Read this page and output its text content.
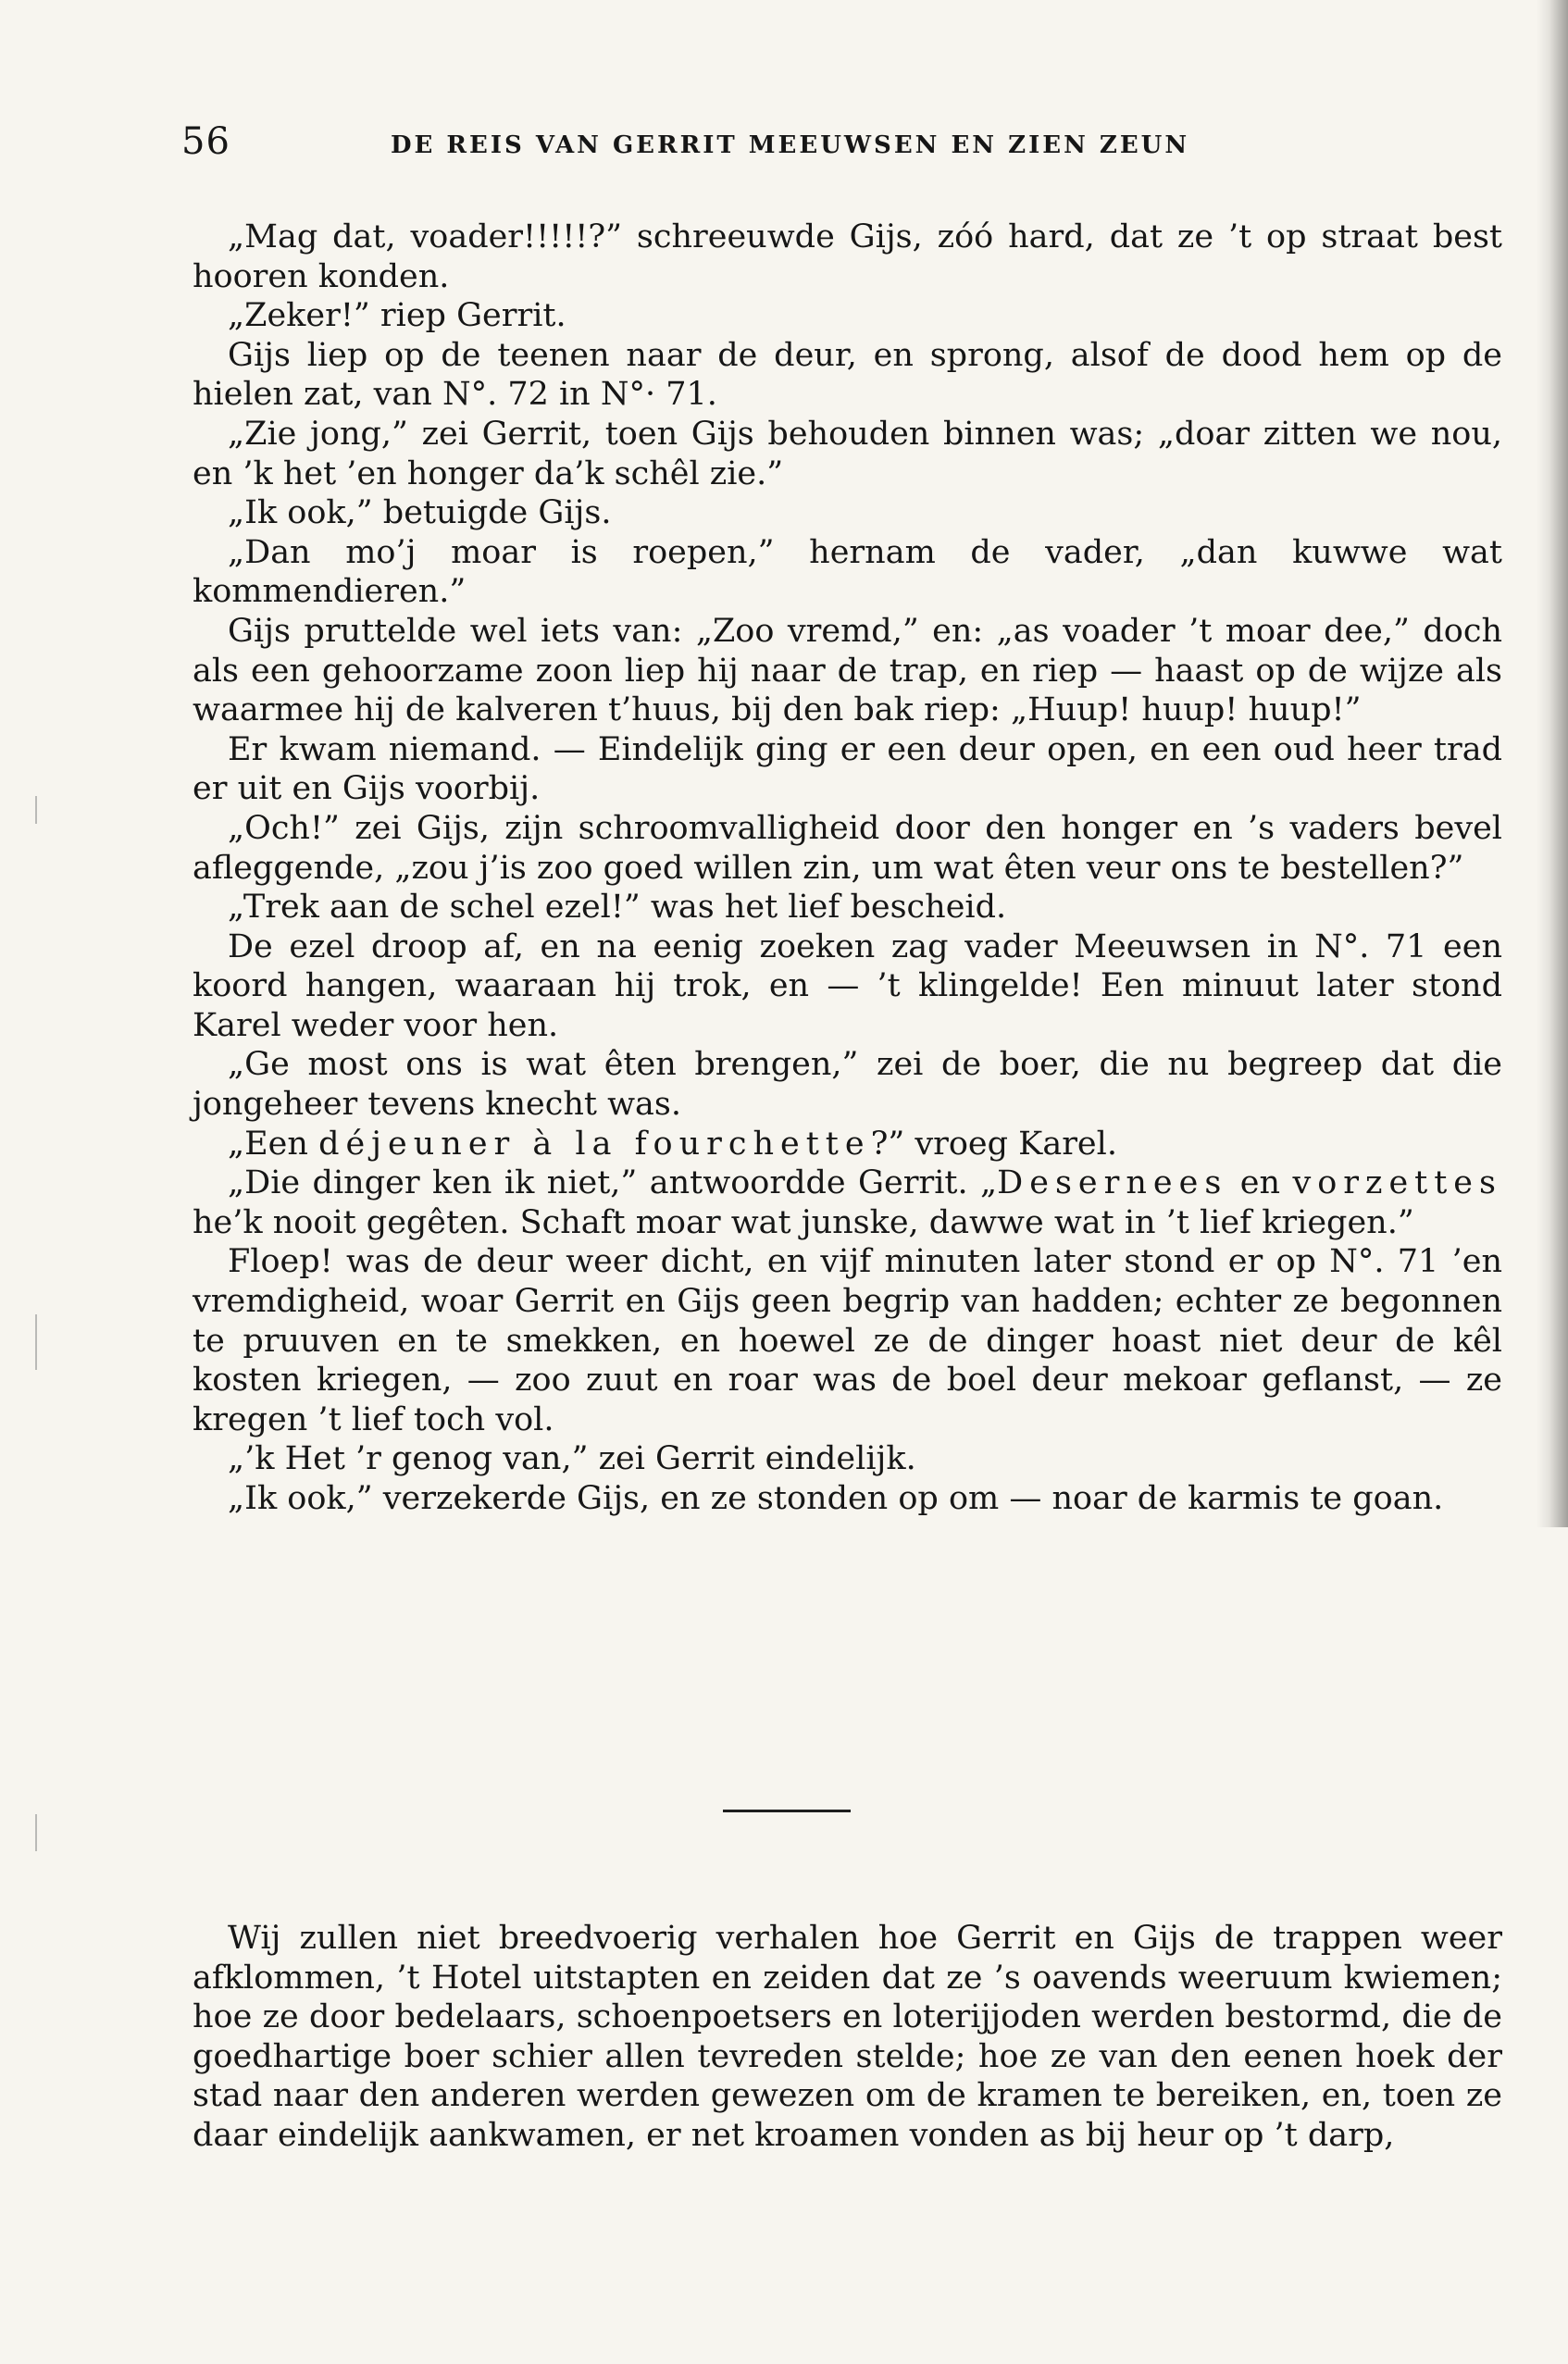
56	DE REIS VAN GERRIT MEEUWSEN EN ZIEN ZEUN

„Mag dat, voader!!!!!?” schreeuwde Gijs, zóó hard, dat ze ’t op straat best hooren konden.

„Zeker!” riep Gerrit.

Gijs liep op de teenen naar de deur, en sprong, alsof de dood hem op de hielen zat, van N°. 72 in N°· 71.

„Zie jong,” zei Gerrit, toen Gijs behouden binnen was; „doar zitten we nou, en ’k het ’en honger da’k schêl zie.”

„Ik ook,” betuigde Gijs.

„Dan mo’j moar is roepen,” hernam de vader, „dan kuwwe wat kommendieren.”

Gijs pruttelde wel iets van: „Zoo vremd,” en: „as voader ’t moar dee,” doch als een gehoorzame zoon liep hij naar de trap, en riep — haast op de wijze als waarmee hij de kalveren t’huus, bij den bak riep: „Huup! huup! huup!”

Er kwam niemand. — Eindelijk ging er een deur open, en een oud heer trad er uit en Gijs voorbij.

„Och!” zei Gijs, zijn schroomvalligheid door den honger en ’s vaders bevel afleggende, „zou j’is zoo goed willen zin, um wat êten veur ons te bestellen?”

„Trek aan de schel ezel!” was het lief bescheid.

De ezel droop af, en na eenig zoeken zag vader Meeuwsen in N°. 71 een koord hangen, waaraan hij trok, en — ’t klingelde! Een minuut later stond Karel weder voor hen.

„Ge most ons is wat êten brengen,” zei de boer, die nu begreep dat die jongeheer tevens knecht was.

„Een déjeuner à la fourchette?” vroeg Karel.

„Die dinger ken ik niet,” antwoordde Gerrit. „Desernees en vorzettes he’k nooit gegêten. Schaft moar wat junske, dawwe wat in ’t lief kriegen.”

Floep! was de deur weer dicht, en vijf minuten later stond er op N°. 71 ’en vremdigheid, woar Gerrit en Gijs geen begrip van hadden; echter ze begonnen te pruuven en te smekken, en hoewel ze de dinger hoast niet deur de kêl kosten kriegen, — zoo zuut en roar was de boel deur mekoar geflanst, — ze kregen ’t lief toch vol.

„’k Het ’r genog van,” zei Gerrit eindelijk.

„Ik ook,” verzekerde Gijs, en ze stonden op om — noar de karmis te goan.

Wij zullen niet breedvoerig verhalen hoe Gerrit en Gijs de trappen weer afklommen, ’t Hotel uitstapten en zeiden dat ze ’s oavends weeruum kwiemen; hoe ze door bedelaars, schoenpoetsers en loterijjoden werden bestormd, die de goedhartige boer schier allen tevreden stelde; hoe ze van den eenen hoek der stad naar den anderen werden gewezen om de kramen te bereiken, en, toen ze daar eindelijk aankwamen, er net kroamen vonden as bij heur op ’t darp,
